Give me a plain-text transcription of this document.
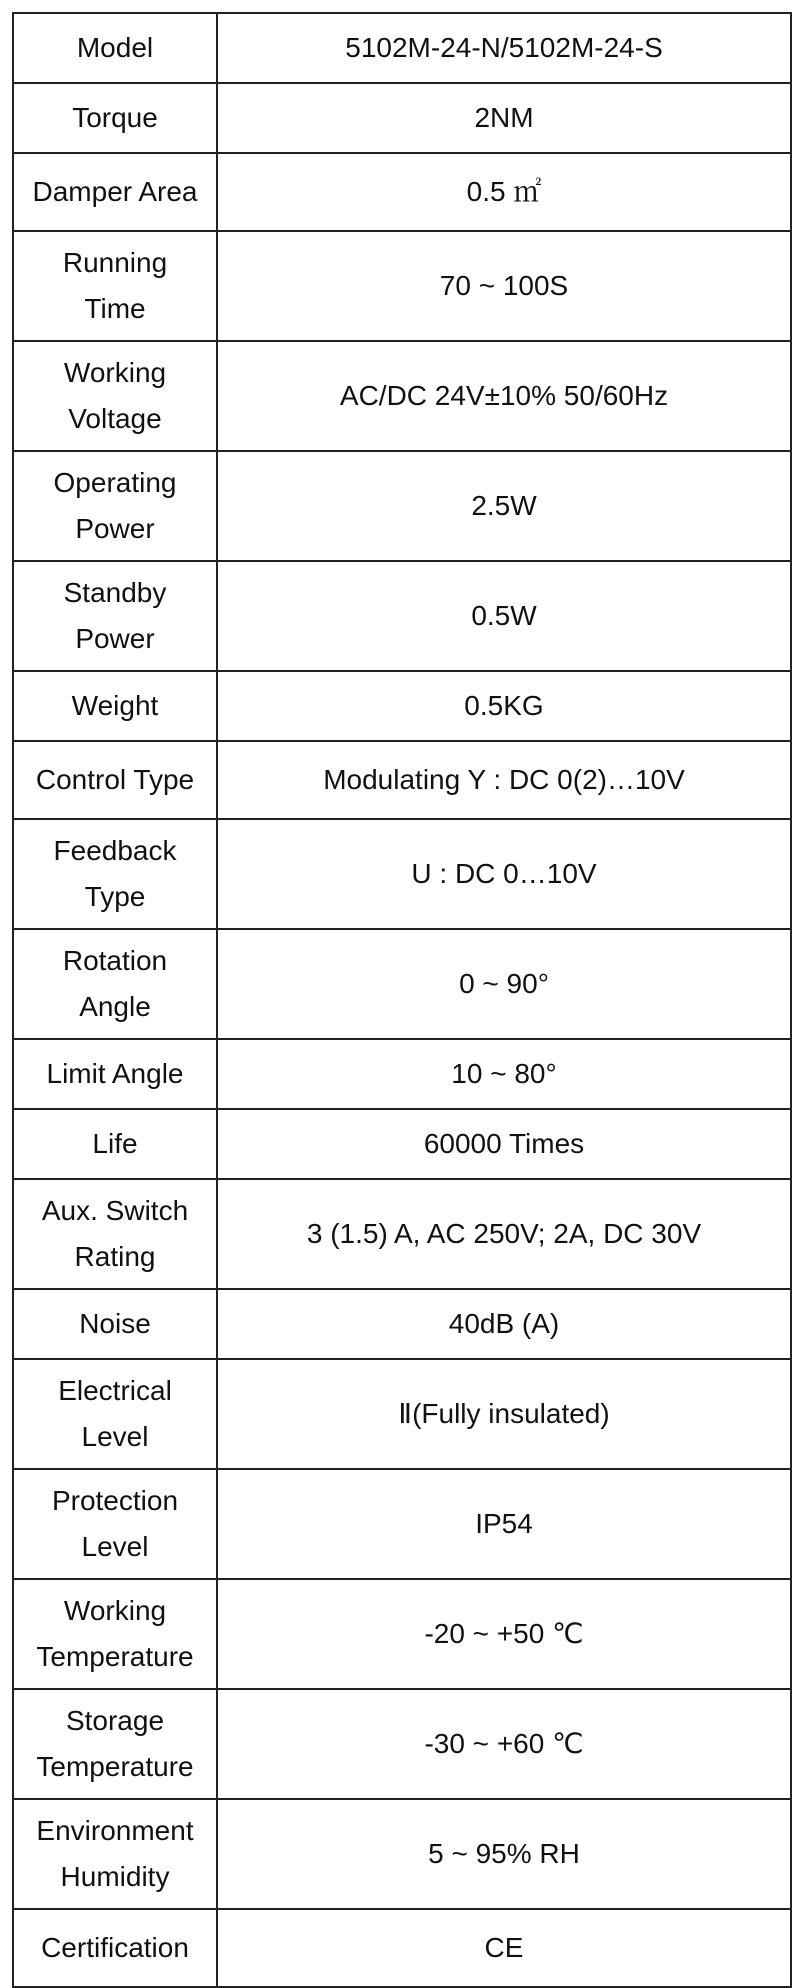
Model	5102M-24-N/5102M-24-S
Torque	2NM
Damper Area	0.5 ㎡
Running
Time	70 ~ 100S
Working
Voltage	AC/DC 24V±10% 50/60Hz
Operating
Power	2.5W
Standby
Power	0.5W
Weight	0.5KG
Control Type	Modulating Y : DC 0(2)…10V
Feedback
Type	U : DC 0…10V
Rotation
Angle	0 ~ 90°
Limit Angle	10 ~ 80°
Life	60000 Times
Aux. Switch
Rating	3 (1.5) A, AC 250V; 2A, DC 30V
Noise	40dB (A)
Electrical
Level	Ⅱ(Fully insulated)
Protection
Level	IP54
Working
Temperature	-20 ~ +50 ℃
Storage
Temperature	-30 ~ +60 ℃
Environment
Humidity	5 ~ 95% RH
Certification	CE
